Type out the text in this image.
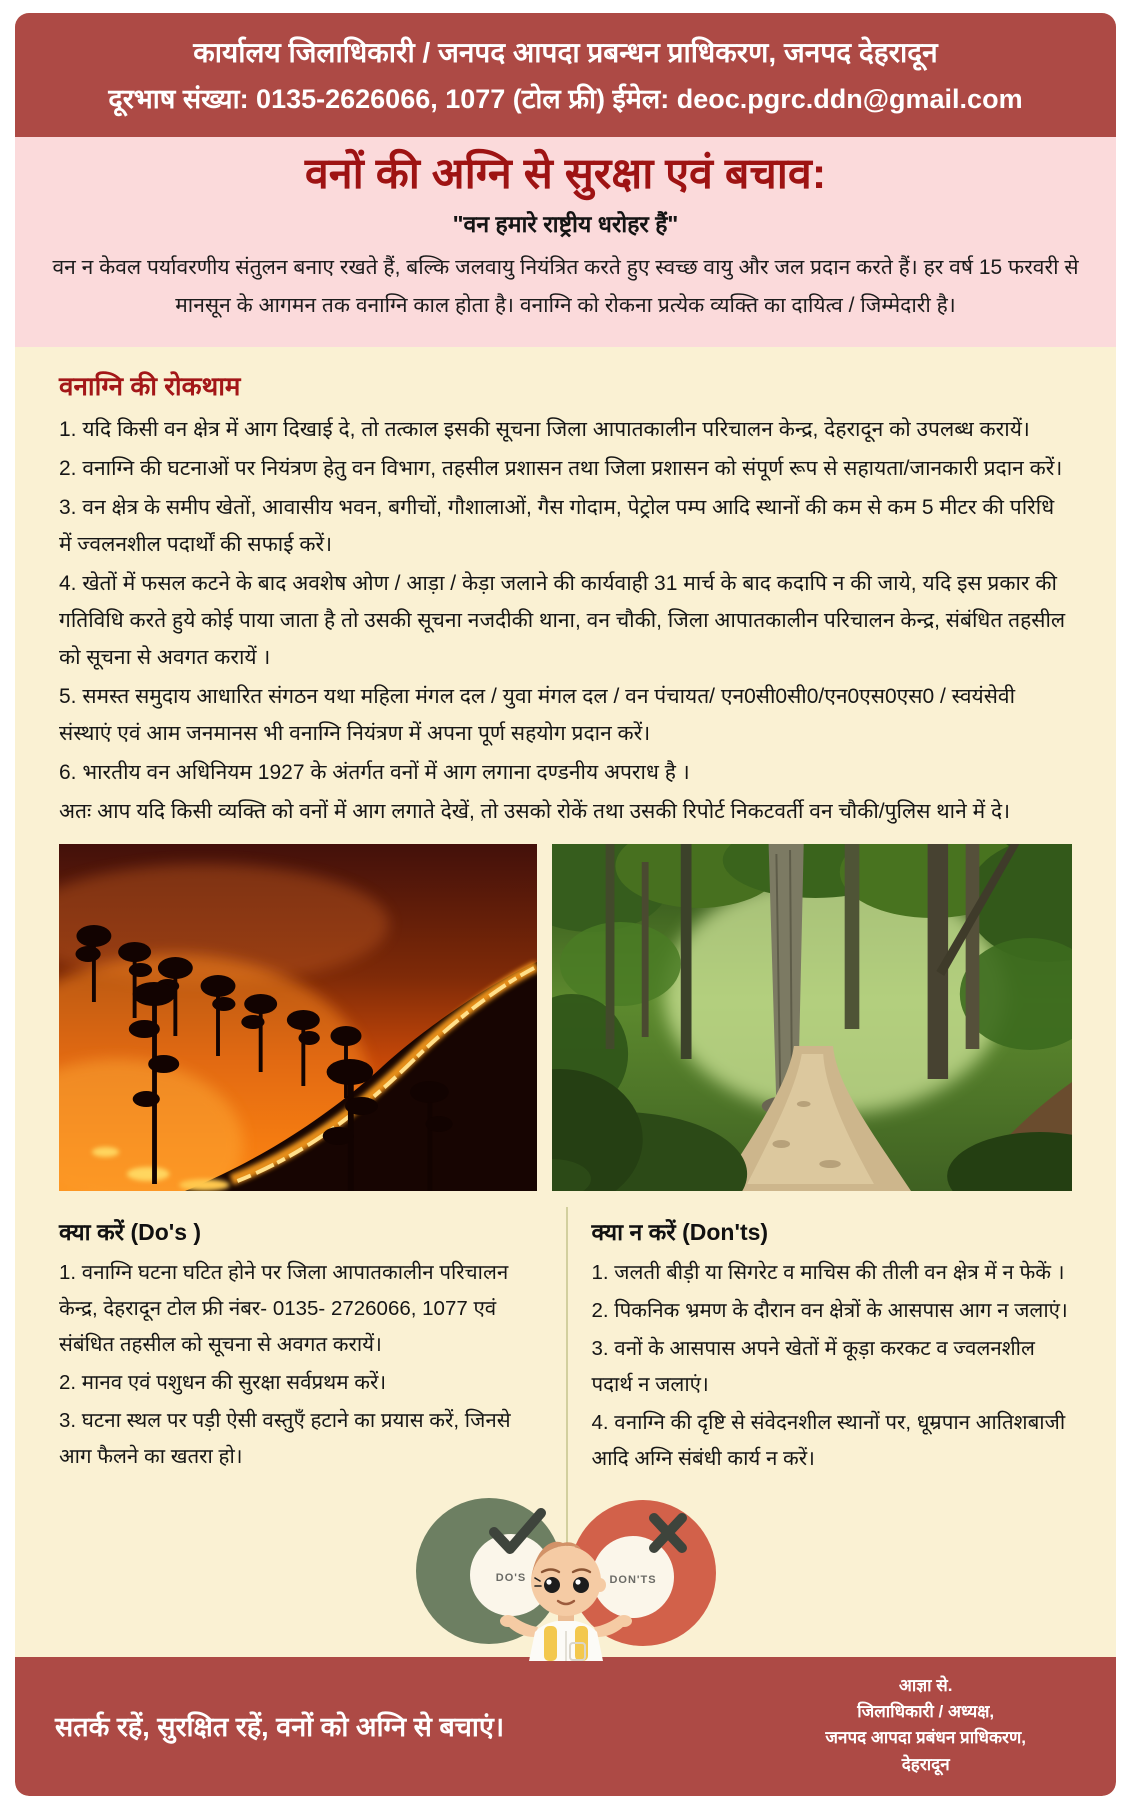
कार्यालय जिलाधिकारी / जनपद आपदा प्रबन्धन प्राधिकरण, जनपद देहरादून
दूरभाष संख्या: 0135-2626066, 1077 (टोल फ्री) ईमेल: deoc.pgrc.ddn@gmail.com
वनों की अग्नि से सुरक्षा एवं बचाव:
"वन हमारे राष्ट्रीय धरोहर हैं"
वन न केवल पर्यावरणीय संतुलन बनाए रखते हैं, बल्कि जलवायु नियंत्रित करते हुए स्वच्छ वायु और जल प्रदान करते हैं। हर वर्ष 15 फरवरी से मानसून के आगमन तक वनाग्नि काल होता है। वनाग्नि को रोकना प्रत्येक व्यक्ति का दायित्व / जिम्मेदारी है।
वनाग्नि की रोकथाम

1. यदि किसी वन क्षेत्र में आग दिखाई दे, तो तत्काल इसकी सूचना जिला आपातकालीन परिचालन केन्द्र, देहरादून को उपलब्ध करायें।

2. वनाग्नि की घटनाओं पर नियंत्रण हेतु वन विभाग, तहसील प्रशासन तथा जिला प्रशासन को संपूर्ण रूप से सहायता/जानकारी प्रदान करें।

3. वन क्षेत्र के समीप खेतों, आवासीय भवन, बगीचों, गौशालाओं, गैस गोदाम, पेट्रोल पम्प आदि स्थानों की कम से कम 5 मीटर की परिधि में ज्वलनशील पदार्थों की सफाई करें।

4. खेतों में फसल कटने के बाद अवशेष ओण / आड़ा / केड़ा जलाने की कार्यवाही 31 मार्च के बाद कदापि न की जाये, यदि इस प्रकार की गतिविधि करते हुये कोई पाया जाता है तो उसकी सूचना नजदीकी थाना, वन चौकी, जिला आपातकालीन परिचालन केन्द्र, संबंधित तहसील को सूचना से अवगत करायें ।

5. समस्त समुदाय आधारित संगठन यथा महिला मंगल दल / युवा मंगल दल / वन पंचायत/ एन0सी0सी0/एन0एस0एस0 / स्वयंसेवी संस्थाएं एवं आम जनमानस भी वनाग्नि नियंत्रण में अपना पूर्ण सहयोग प्रदान करें।

6. भारतीय वन अधिनियम 1927 के अंतर्गत वनों में आग लगाना दण्डनीय अपराध है ।

अतः आप यदि किसी व्यक्ति को वनों में आग लगाते देखें, तो उसको रोकें तथा उसकी रिपोर्ट निकटवर्ती वन चौकी/पुलिस थाने में दे।

क्या करें (Do's )

1. वनाग्नि घटना घटित होने पर जिला आपातकालीन परिचालन केन्द्र, देहरादून टोल फ्री नंबर- 0135- 2726066, 1077 एवं संबंधित तहसील को सूचना से अवगत करायें।

2. मानव एवं पशुधन की सुरक्षा सर्वप्रथम करें।

3. घटना स्थल पर पड़ी ऐसी वस्तुएँ हटाने का प्रयास करें, जिनसे आग फैलने का खतरा हो।

क्या न करें (Don'ts)

1. जलती बीड़ी या सिगरेट व माचिस की तीली वन क्षेत्र में न फेकें ।

2. पिकनिक भ्रमण के दौरान वन क्षेत्रों के आसपास आग न जलाएं।

3. वनों के आसपास अपने खेतों में कूड़ा करकट व ज्वलनशील पदार्थ न जलाएं।

4. वनाग्नि की दृष्टि से संवेदनशील स्थानों पर, धूम्रपान आतिशबाजी आदि अग्नि संबंधी कार्य न करें।

DO'S	DON'TS
सतर्क रहें, सुरक्षित रहें, वनों को अग्नि से बचाएं।
आज्ञा से.
जिलाधिकारी / अध्यक्ष,
जनपद आपदा प्रबंधन प्राधिकरण,
देहरादून
